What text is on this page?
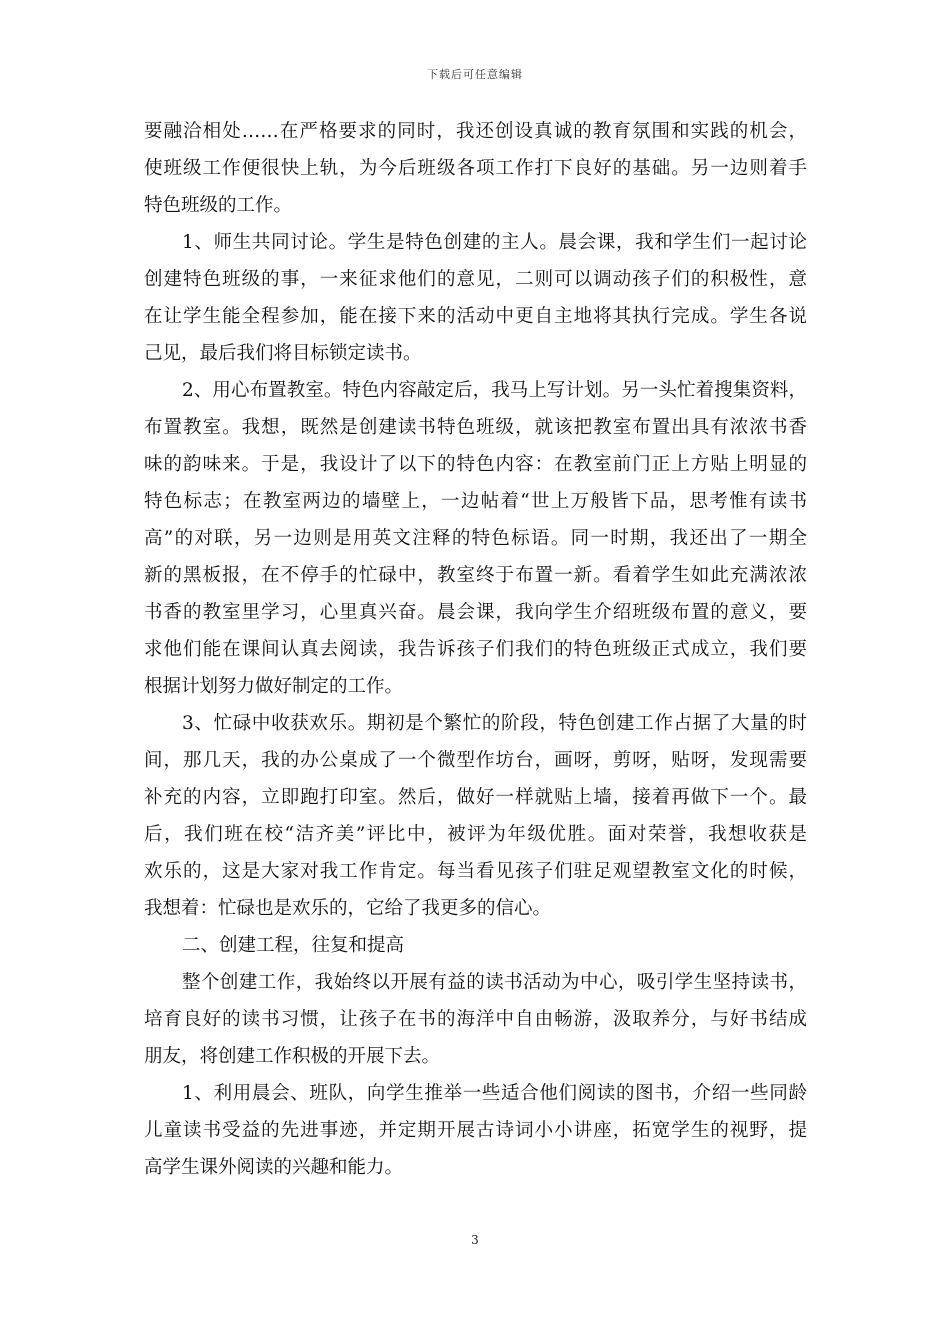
下载后可任意编辑
要融洽相处……在严格要求的同时，我还创设真诚的教育氛围和实践的机会，
使班级工作便很快上轨，为今后班级各项工作打下良好的基础。另一边则着手
特色班级的工作。
1、师生共同讨论。学生是特色创建的主人。晨会课，我和学生们一起讨论
创建特色班级的事，一来征求他们的意见，二则可以调动孩子们的积极性，意
在让学生能全程参加，能在接下来的活动中更自主地将其执行完成。学生各说
己见，最后我们将目标锁定读书。
2、用心布置教室。特色内容敲定后，我马上写计划。另一头忙着搜集资料，
布置教室。我想，既然是创建读书特色班级，就该把教室布置出具有浓浓书香
味的韵味来。于是，我设计了以下的特色内容：在教室前门正上方贴上明显的
特色标志；在教室两边的墙壁上，一边帖着“世上万般皆下品，思考惟有读书
高”的对联，另一边则是用英文注释的特色标语。同一时期，我还出了一期全
新的黑板报，在不停手的忙碌中，教室终于布置一新。看着学生如此充满浓浓
书香的教室里学习，心里真兴奋。晨会课，我向学生介绍班级布置的意义，要
求他们能在课间认真去阅读，我告诉孩子们我们的特色班级正式成立，我们要
根据计划努力做好制定的工作。
3、忙碌中收获欢乐。期初是个繁忙的阶段，特色创建工作占据了大量的时
间，那几天，我的办公桌成了一个微型作坊台，画呀，剪呀，贴呀，发现需要
补充的内容，立即跑打印室。然后，做好一样就贴上墙，接着再做下一个。最
后，我们班在校“洁齐美”评比中，被评为年级优胜。面对荣誉，我想收获是
欢乐的，这是大家对我工作肯定。每当看见孩子们驻足观望教室文化的时候，
我想着：忙碌也是欢乐的，它给了我更多的信心。
二、创建工程，往复和提高
整个创建工作，我始终以开展有益的读书活动为中心，吸引学生坚持读书，
培育良好的读书习惯，让孩子在书的海洋中自由畅游，汲取养分，与好书结成
朋友，将创建工作积极的开展下去。
1、利用晨会、班队，向学生推举一些适合他们阅读的图书，介绍一些同龄
儿童读书受益的先进事迹，并定期开展古诗词小小讲座，拓宽学生的视野，提
高学生课外阅读的兴趣和能力。
3
